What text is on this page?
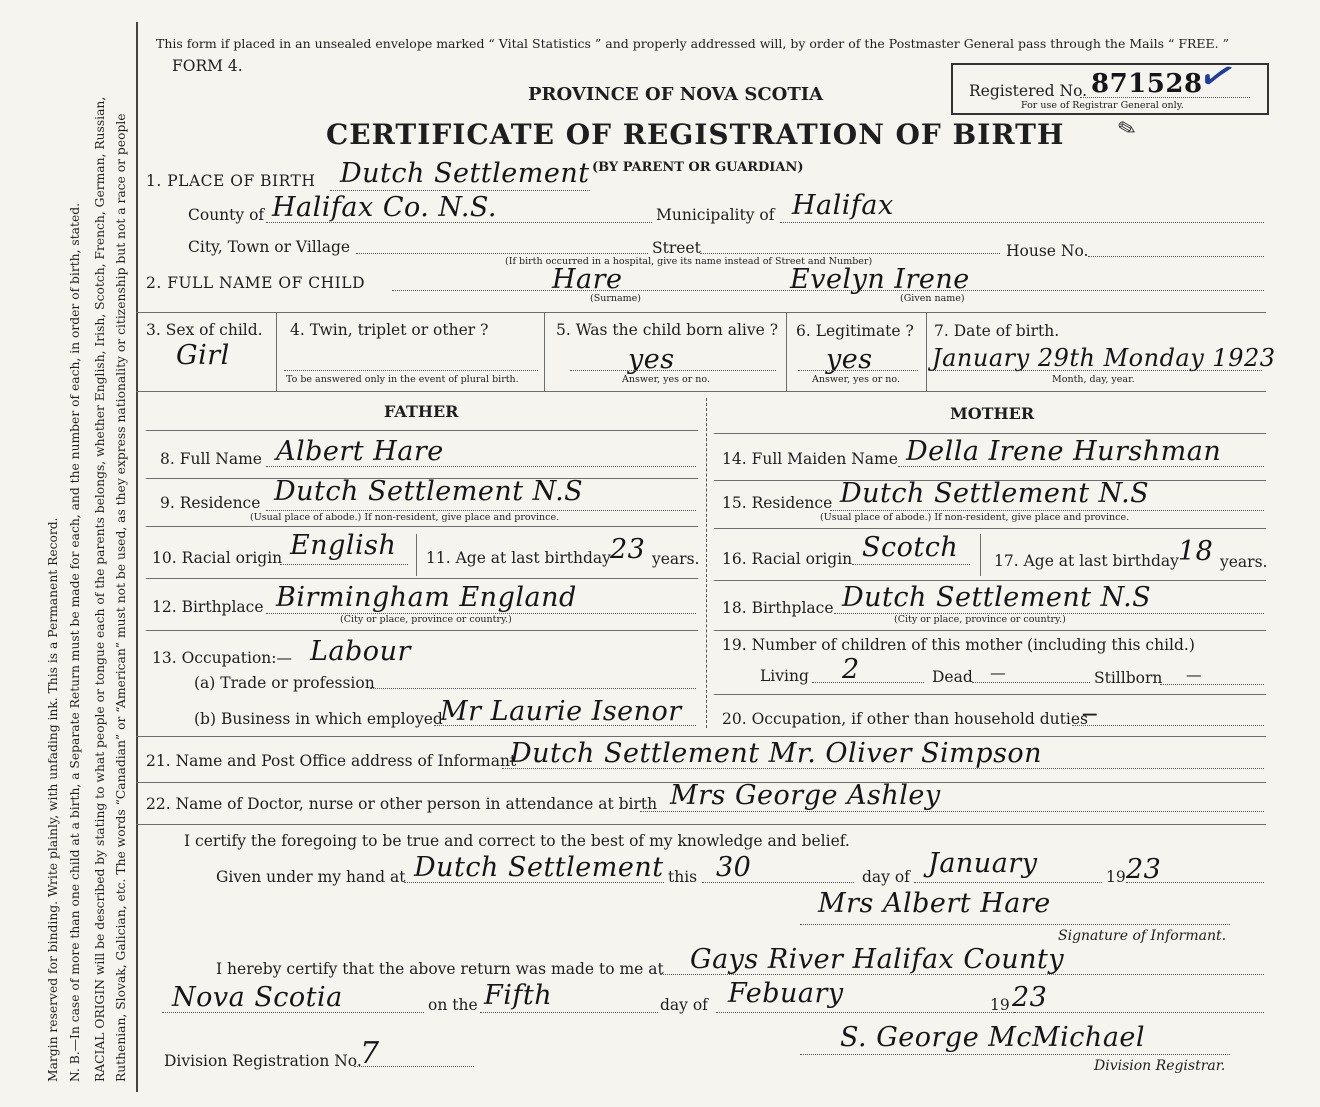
Margin reserved for binding. Write plainly, with unfading ink. This is a Permanent Record. N. B.—In case of more than one child at a birth, a Separate Return must be made for each, and the number of each, in order of birth, stated. RACIAL ORIGIN will be described by stating to what people or tongue each of the parents belongs, whether English, Irish, Scotch, French, German, Russian, Ruthenian, Slovak, Galician, etc. The words “Canadian” or “American” must not be used, as they express nationality or citizenship but not a race or people
This form if placed in an unsealed envelope marked “ Vital Statistics ” and properly addressed will, by order of the Postmaster General pass through the Mails “ FREE. ”
FORM 4.
PROVINCE OF NOVA SCOTIA
CERTIFICATE OF REGISTRATION OF BIRTH
(BY PARENT OR GUARDIAN)
Registered No. 871528
✓
For use of Registrar General only.
✎
1. PLACE OF BIRTH Dutch Settlement
County of Halifax Co. N.S.	Municipality of Halifax
City, Town or Village	Street	House No.
(If birth occurred in a hospital, give its name instead of Street and Number)
2. FULL NAME OF CHILD	Hare
(Surname)
Evelyn Irene
(Given name)
3. Sex of child.
Girl
4. Twin, triplet or other ?
To be answered only in the event of plural birth.
5. Was the child born alive ?
yes
Answer, yes or no.
6. Legitimate ?
yes
Answer, yes or no.
7. Date of birth.
January 29th Monday 1923
Month, day, year.
FATHER	MOTHER
8. Full Name Albert Hare	14. Full Maiden Name Della Irene Hurshman
9. Residence Dutch Settlement N.S
(Usual place of abode.) If non-resident, give place and province.
15. Residence Dutch Settlement N.S
(Usual place of abode.) If non-resident, give place and province.
10. Racial origin English 11. Age at last birthday 23 years. 16. Racial origin Scotch 17. Age at last birthday 18 years.
12. Birthplace Birmingham England
(City or place, province or country.)
18. Birthplace Dutch Settlement N.S
(City or place, province or country.)
13. Occupation:— Labour
(a) Trade or profession
(b) Business in which employed
Mr Laurie Isenor
19. Number of children of this mother (including this child.)
Living 2	Dead —	Stillborn —
20. Occupation, if other than household duties
—
21. Name and Post Office address of Informant
Dutch Settlement Mr. Oliver Simpson
22. Name of Doctor, nurse or other person in attendance at birth Mrs George Ashley
I certify the foregoing to be true and correct to the best of my knowledge and belief.
Given under my hand at Dutch Settlement this 30	day of January	19 23
Mrs Albert Hare
Signature of Informant.
I hereby certify that the above return was made to me at Gays River Halifax County
Nova Scotia	on the Fifth	day of Febuary	19 23
Division Registration No.
7	S. George McMichael
Division Registrar.
